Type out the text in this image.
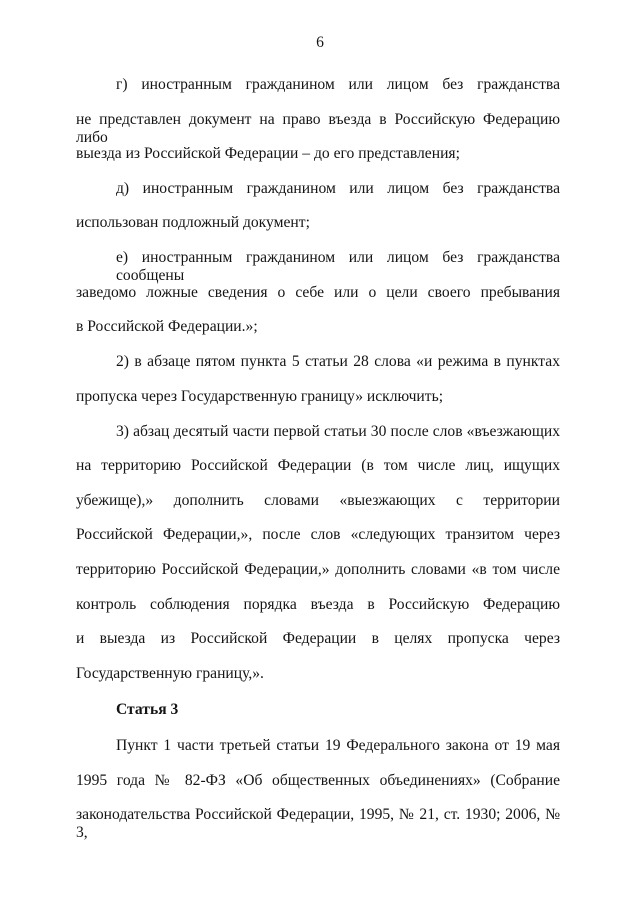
6
г) иностранным гражданином или лицом без гражданства
не представлен документ на право въезда в Российскую Федерацию либо
выезда из Российской Федерации – до его представления;
д) иностранным гражданином или лицом без гражданства
использован подложный документ;
е) иностранным гражданином или лицом без гражданства сообщены
заведомо ложные сведения о себе или о цели своего пребывания
в Российской Федерации.»;
2) в абзаце пятом пункта 5 статьи 28 слова «и режима в пунктах
пропуска через Государственную границу» исключить;
3) абзац десятый части первой статьи 30 после слов «въезжающих
на территорию Российской Федерации (в том числе лиц, ищущих
убежище),» дополнить словами «выезжающих с территории
Российской Федерации,», после слов «следующих транзитом через
территорию Российской Федерации,» дополнить словами «в том числе
контроль соблюдения порядка въезда в Российскую Федерацию
и выезда из Российской Федерации в целях пропуска через
Государственную границу,».
Статья 3
Пункт 1 части третьей статьи 19 Федерального закона от 19 мая
1995 года № 82-ФЗ «Об общественных объединениях» (Собрание
законодательства Российской Федерации, 1995, № 21, ст. 1930; 2006, № 3,
